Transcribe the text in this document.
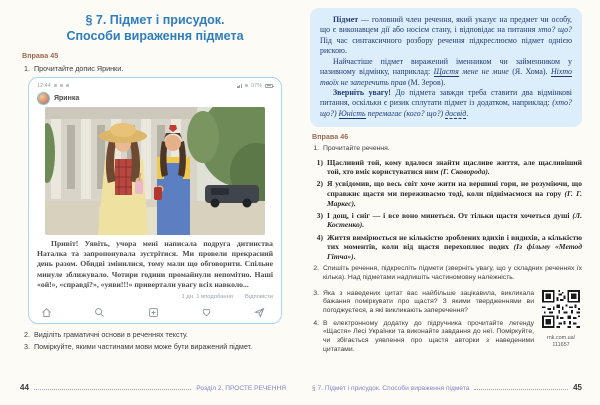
§ 7. Підмет і присудок.
Способи вираження підмета
Вправа 45
1. Прочитайте допис Яринки.
12:44	97%
Яринка

Привіт! Уявіть, учора мені написала подруга дитинства Наталка та запропонувала зустрітися. Ми провели прекрасний день разом. Обидві змінилися, тому мали що обговорити. Спільне минуле зближувало. Чотири години промайнули непомітно. Наші «ой!», «справді?», «уяви!!!» привертали увагу всіх навколо...

1 дн. 1 вподобання Відповісти
2. Виділіть граматичні основи в реченнях тексту.
3. Поміркуйте, якими частинами мови може бути виражений підмет.
44	Розділ 2. ПРОСТЕ РЕЧЕННЯ

Підмет — головний член речення, який указує на предмет чи особу, що є виконавцем дії або носієм стану, і відповідає на питання хто? що? Під час синтаксичного розбору речення підкреслюємо підмет однією рискою.

Найчастіше підмет виражений іменником чи займенником у називному відмінку, наприклад: Щастя мене не мине (Я. Хома). Ніхто твоїх не заперечить прав (М. Зеров).

Зверніть увагу! До підмета завжди треба ставити два відмінкові питання, оскільки є ризик сплутати підмет із додатком, наприклад: (хто? що?) Юність перемагає (кого? що?) досвід.

Вправа 46
1. Прочитайте речення.
1) Щасливий той, кому вдалося знайти щасливе життя, але щасливіший той, хто вміє користуватися ним (Г. Сковорода).
2) Я усвідомив, що весь світ хоче жити на вершині гори, не розуміючи, що справжнє щастя ми переживаємо тоді, коли піднімаємося на гору (Г. Г. Маркес).
3) І дощ, і сніг — і все воно минеться. От тільки щастя хочеться душі (Л. Костенко).
4) Життя вимірюється не кількістю зроблених вдихів і видихів, а кількістю тих моментів, коли від щастя перехоплює подих (Із фільму «Метод Гітча»).
2. Спишіть речення, підкресліть підмети (зверніть увагу, що у складних реченнях їх кілька). Над підметами надпишіть частиномовну належність.
3. Яка з наведених цитат вас найбільше зацікавила, викликала бажання поміркувати про щастя? З якими твердженнями ви погоджуєтеся, а які викликають заперечення?
4. В електронному додатку до підручника прочитайте легенду «Щастя» Лесі Українки та виконайте завдання до неї. Поміркуйте, чи збігається уявлення про щастя авторки з наведеними цитатами.
rnk.com.ua/
111657
§ 7. Підмет і присудок. Способи вираження підмета	45
